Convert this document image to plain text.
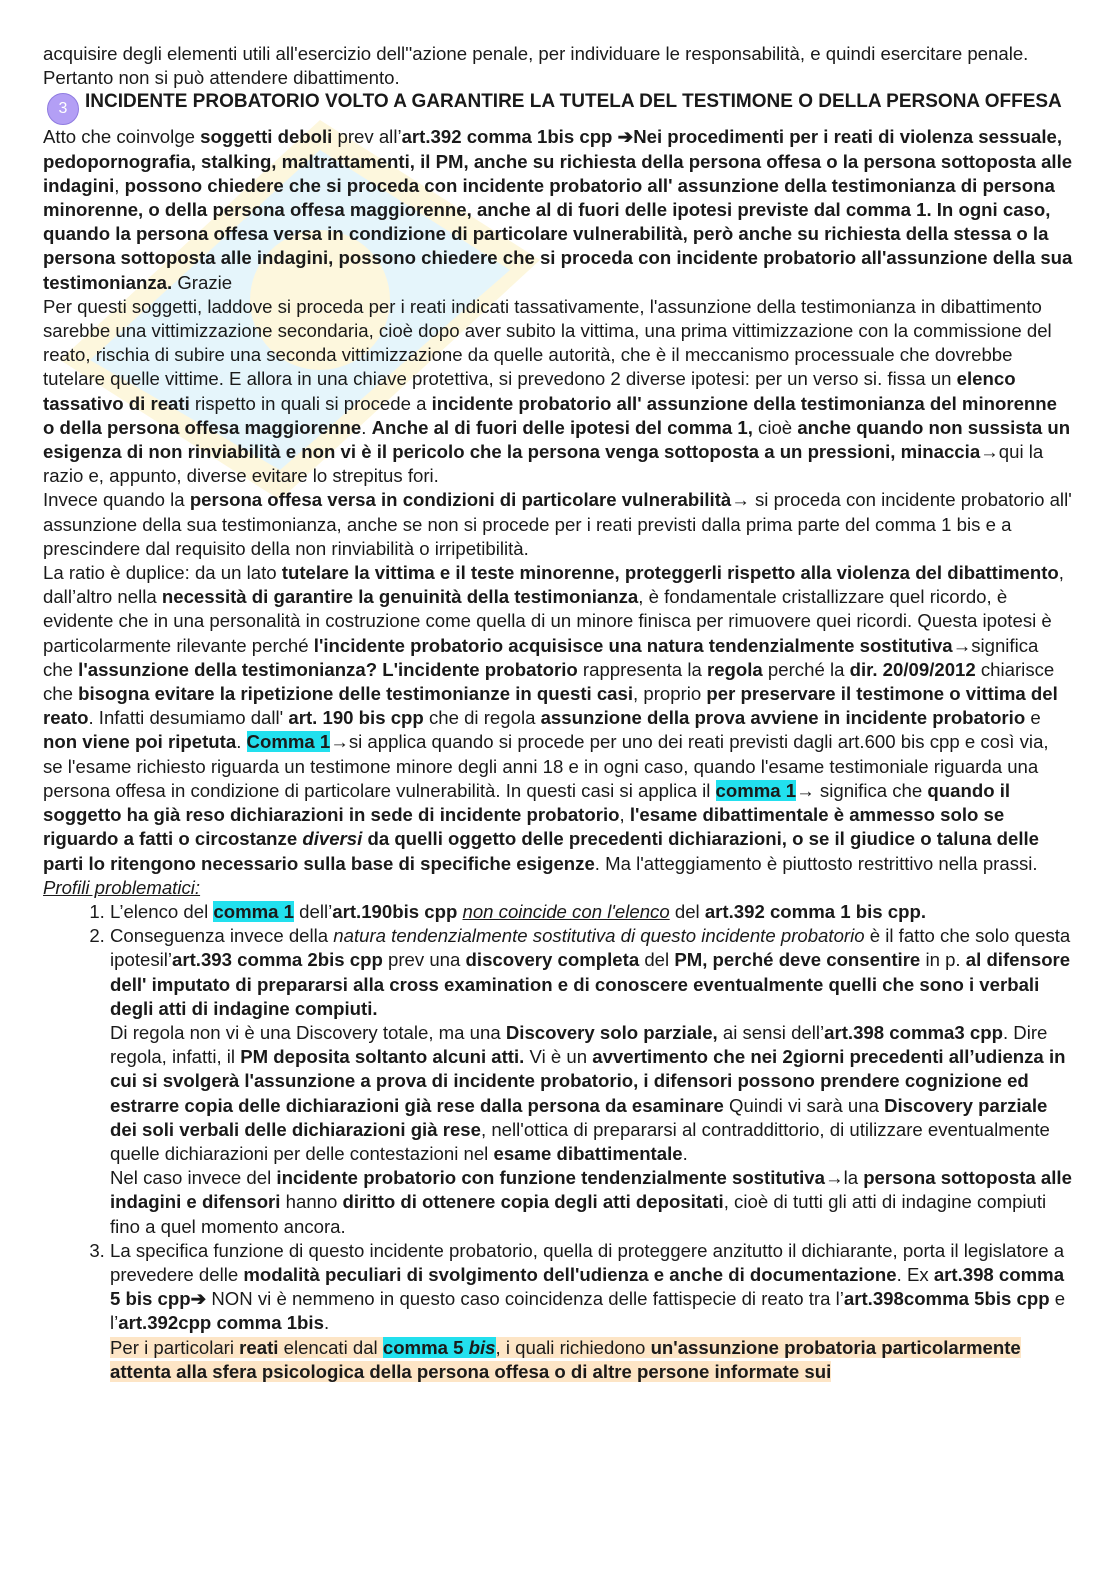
acquisire degli elementi utili all'esercizio dell''azione penale, per individuare le responsabilità, e quindi esercitare penale. Pertanto non si può attendere dibattimento.

3 INCIDENTE PROBATORIO VOLTO A GARANTIRE LA TUTELA DEL TESTIMONE O DELLA PERSONA OFFESA

Atto che coinvolge soggetti deboli prev all’art.392 comma 1bis cpp ➔Nei procedimenti per i reati di violenza sessuale, pedopornografia, stalking, maltrattamenti, il PM, anche su richiesta della persona offesa o la persona sottoposta alle indagini, possono chiedere che si proceda con incidente probatorio all' assunzione della testimonianza di persona minorenne, o della persona offesa maggiorenne, anche al di fuori delle ipotesi previste dal comma 1. In ogni caso, quando la persona offesa versa in condizione di particolare vulnerabilità, però anche su richiesta della stessa o la persona sottoposta alle indagini, possono chiedere che si proceda con incidente probatorio all'assunzione della sua testimonianza. Grazie
Per questi soggetti, laddove si proceda per i reati indicati tassativamente, l'assunzione della testimonianza in dibattimento sarebbe una vittimizzazione secondaria, cioè dopo aver subito la vittima, una prima vittimizzazione con la commissione del reato, rischia di subire una seconda vittimizzazione da quelle autorità, che è il meccanismo processuale che dovrebbe tutelare quelle vittime. E allora in una chiave protettiva, si prevedono 2 diverse ipotesi: per un verso si. fissa un elenco tassativo di reati rispetto in quali si procede a incidente probatorio all' assunzione della testimonianza del minorenne o della persona offesa maggiorenne. Anche al di fuori delle ipotesi del comma 1, cioè anche quando non sussista un esigenza di non rinviabilità e non vi è il pericolo che la persona venga sottoposta a un pressioni, minaccia→qui la razio e, appunto, diverse evitare lo strepitus fori.

Invece quando la persona offesa versa in condizioni di particolare vulnerabilità→ si proceda con incidente probatorio all' assunzione della sua testimonianza, anche se non si procede per i reati previsti dalla prima parte del comma 1 bis e a prescindere dal requisito della non rinviabilità o irripetibilità.

La ratio è duplice: da un lato tutelare la vittima e il teste minorenne, proteggerli rispetto alla violenza del dibattimento, dall’altro nella necessità di garantire la genuinità della testimonianza, è fondamentale cristallizzare quel ricordo, è evidente che in una personalità in costruzione come quella di un minore finisca per rimuovere quei ricordi. Questa ipotesi è particolarmente rilevante perché l'incidente probatorio acquisisce una natura tendenzialmente sostitutiva→significa che l'assunzione della testimonianza? L'incidente probatorio rappresenta la regola perché la dir. 20/09/2012 chiarisce che bisogna evitare la ripetizione delle testimonianze in questi casi, proprio per preservare il testimone o vittima del reato. Infatti desumiamo dall' art. 190 bis cpp che di regola assunzione della prova avviene in incidente probatorio e non viene poi ripetuta. Comma 1→si applica quando si procede per uno dei reati previsti dagli art.600 bis cpp e così via, se l'esame richiesto riguarda un testimone minore degli anni 18 e in ogni caso, quando l'esame testimoniale riguarda una persona offesa in condizione di particolare vulnerabilità. In questi casi si applica il comma 1→ significa che quando il soggetto ha già reso dichiarazioni in sede di incidente probatorio, l'esame dibattimentale è ammesso solo se riguardo a fatti o circostanze diversi da quelli oggetto delle precedenti dichiarazioni, o se il giudice o taluna delle parti lo ritengono necessario sulla base di specifiche esigenze. Ma l'atteggiamento è piuttosto restrittivo nella prassi.

Profili problematici:

1. L’elenco del comma 1 dell’art.190bis cpp non coincide con l'elenco del art.392 comma 1 bis cpp.
2. Conseguenza invece della natura tendenzialmente sostitutiva di questo incidente probatorio è il fatto che solo questa ipotesil’art.393 comma 2bis cpp prev una discovery completa del PM, perché deve consentire in p. al difensore dell' imputato di prepararsi alla cross examination e di conoscere eventualmente quelli che sono i verbali degli atti di indagine compiuti.
Di regola non vi è una Discovery totale, ma una Discovery solo parziale, ai sensi dell’art.398 comma3 cpp. Dire regola, infatti, il PM deposita soltanto alcuni atti. Vi è un avvertimento che nei 2giorni precedenti all’udienza in cui si svolgerà l'assunzione a prova di incidente probatorio, i difensori possono prendere cognizione ed estrarre copia delle dichiarazioni già rese dalla persona da esaminare Quindi vi sarà una Discovery parziale dei soli verbali delle dichiarazioni già rese, nell'ottica di prepararsi al contraddittorio, di utilizzare eventualmente quelle dichiarazioni per delle contestazioni nel esame dibattimentale.
Nel caso invece del incidente probatorio con funzione tendenzialmente sostitutiva→la persona sottoposta alle indagini e difensori hanno diritto di ottenere copia degli atti depositati, cioè di tutti gli atti di indagine compiuti fino a quel momento ancora.
3. La specifica funzione di questo incidente probatorio, quella di proteggere anzitutto il dichiarante, porta il legislatore a prevedere delle modalità peculiari di svolgimento dell'udienza e anche di documentazione. Ex art.398 comma 5 bis cpp➔ NON vi è nemmeno in questo caso coincidenza delle fattispecie di reato tra l’art.398comma 5bis cpp e l’art.392cpp comma 1bis.
Per i particolari reati elencati dal comma 5 bis, i quali richiedono un'assunzione probatoria particolarmente attenta alla sfera psicologica della persona offesa o di altre persone informate sui
